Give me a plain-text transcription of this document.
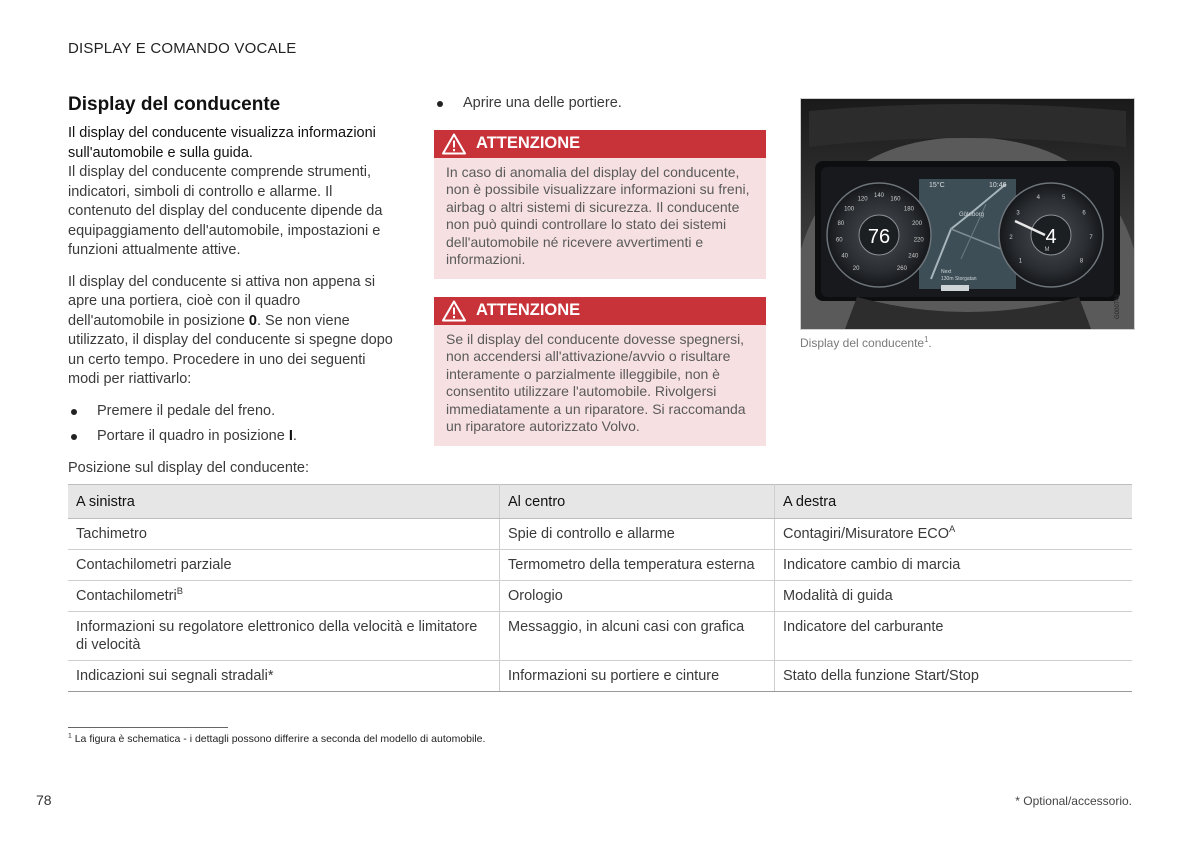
DISPLAY E COMANDO VOCALE
Display del conducente
Il display del conducente visualizza informazioni sull'automobile e sulla guida.
Il display del conducente comprende strumenti, indicatori, simboli di controllo e allarme. Il contenuto del display del conducente dipende da equipaggiamento dell'automobile, impostazioni e funzioni attualmente attive.
Il display del conducente si attiva non appena si apre una portiera, cioè con il quadro dell'automobile in posizione 0. Se non viene utilizzato, il display del conducente si spegne dopo un certo tempo. Procedere in uno dei seguenti modi per riattivarlo:
Premere il pedale del freno.
Portare il quadro in posizione I.
Aprire una delle portiere.
ATTENZIONE
In caso di anomalia del display del conducente, non è possibile visualizzare informazioni su freni, airbag o altri sistemi di sicurezza. Il conducente non può quindi controllare lo stato dei sistemi dell'automobile né ricevere avvertimenti e informazioni.
ATTENZIONE
Se il display del conducente dovesse spegnersi, non accendersi all'attivazione/avvio o risultare interamente o parzialmente illeggibile, non è consentito utilizzare l'automobile. Rivolgersi immediatamente a un riparatore. Si raccomanda un riparatore autorizzato Volvo.
20
40
60
80
100
120
140
160
180
200
220
240
260
76
1
2
3
4	5
6
7
8
4
M
15°C	10:46
Göteborg
Next
130m Storgatan
G000748
Display del conducente$^1$.
Posizione sul display del conducente:
A sinistra	Al centro	A destra
Tachimetro	Spie di controllo e allarme	Contagiri/Misuratore $ECO^A$
Contachilometri parziale	Termometro della temperatura esterna	Indicatore cambio di marcia
Contachilometri$^B$	Orologio	Modalità di guida
Informazioni su regolatore elettronico della velocità e limitatore di velocità	Messaggio, in alcuni casi con grafica	Indicatore del carburante
Indicazioni sui segnali stradali*	Informazioni su portiere e cinture	Stato della funzione Start/Stop
$^1$ La figura è schematica - i dettagli possono differire a seconda del modello di automobile.
78	* Optional/accessorio.
